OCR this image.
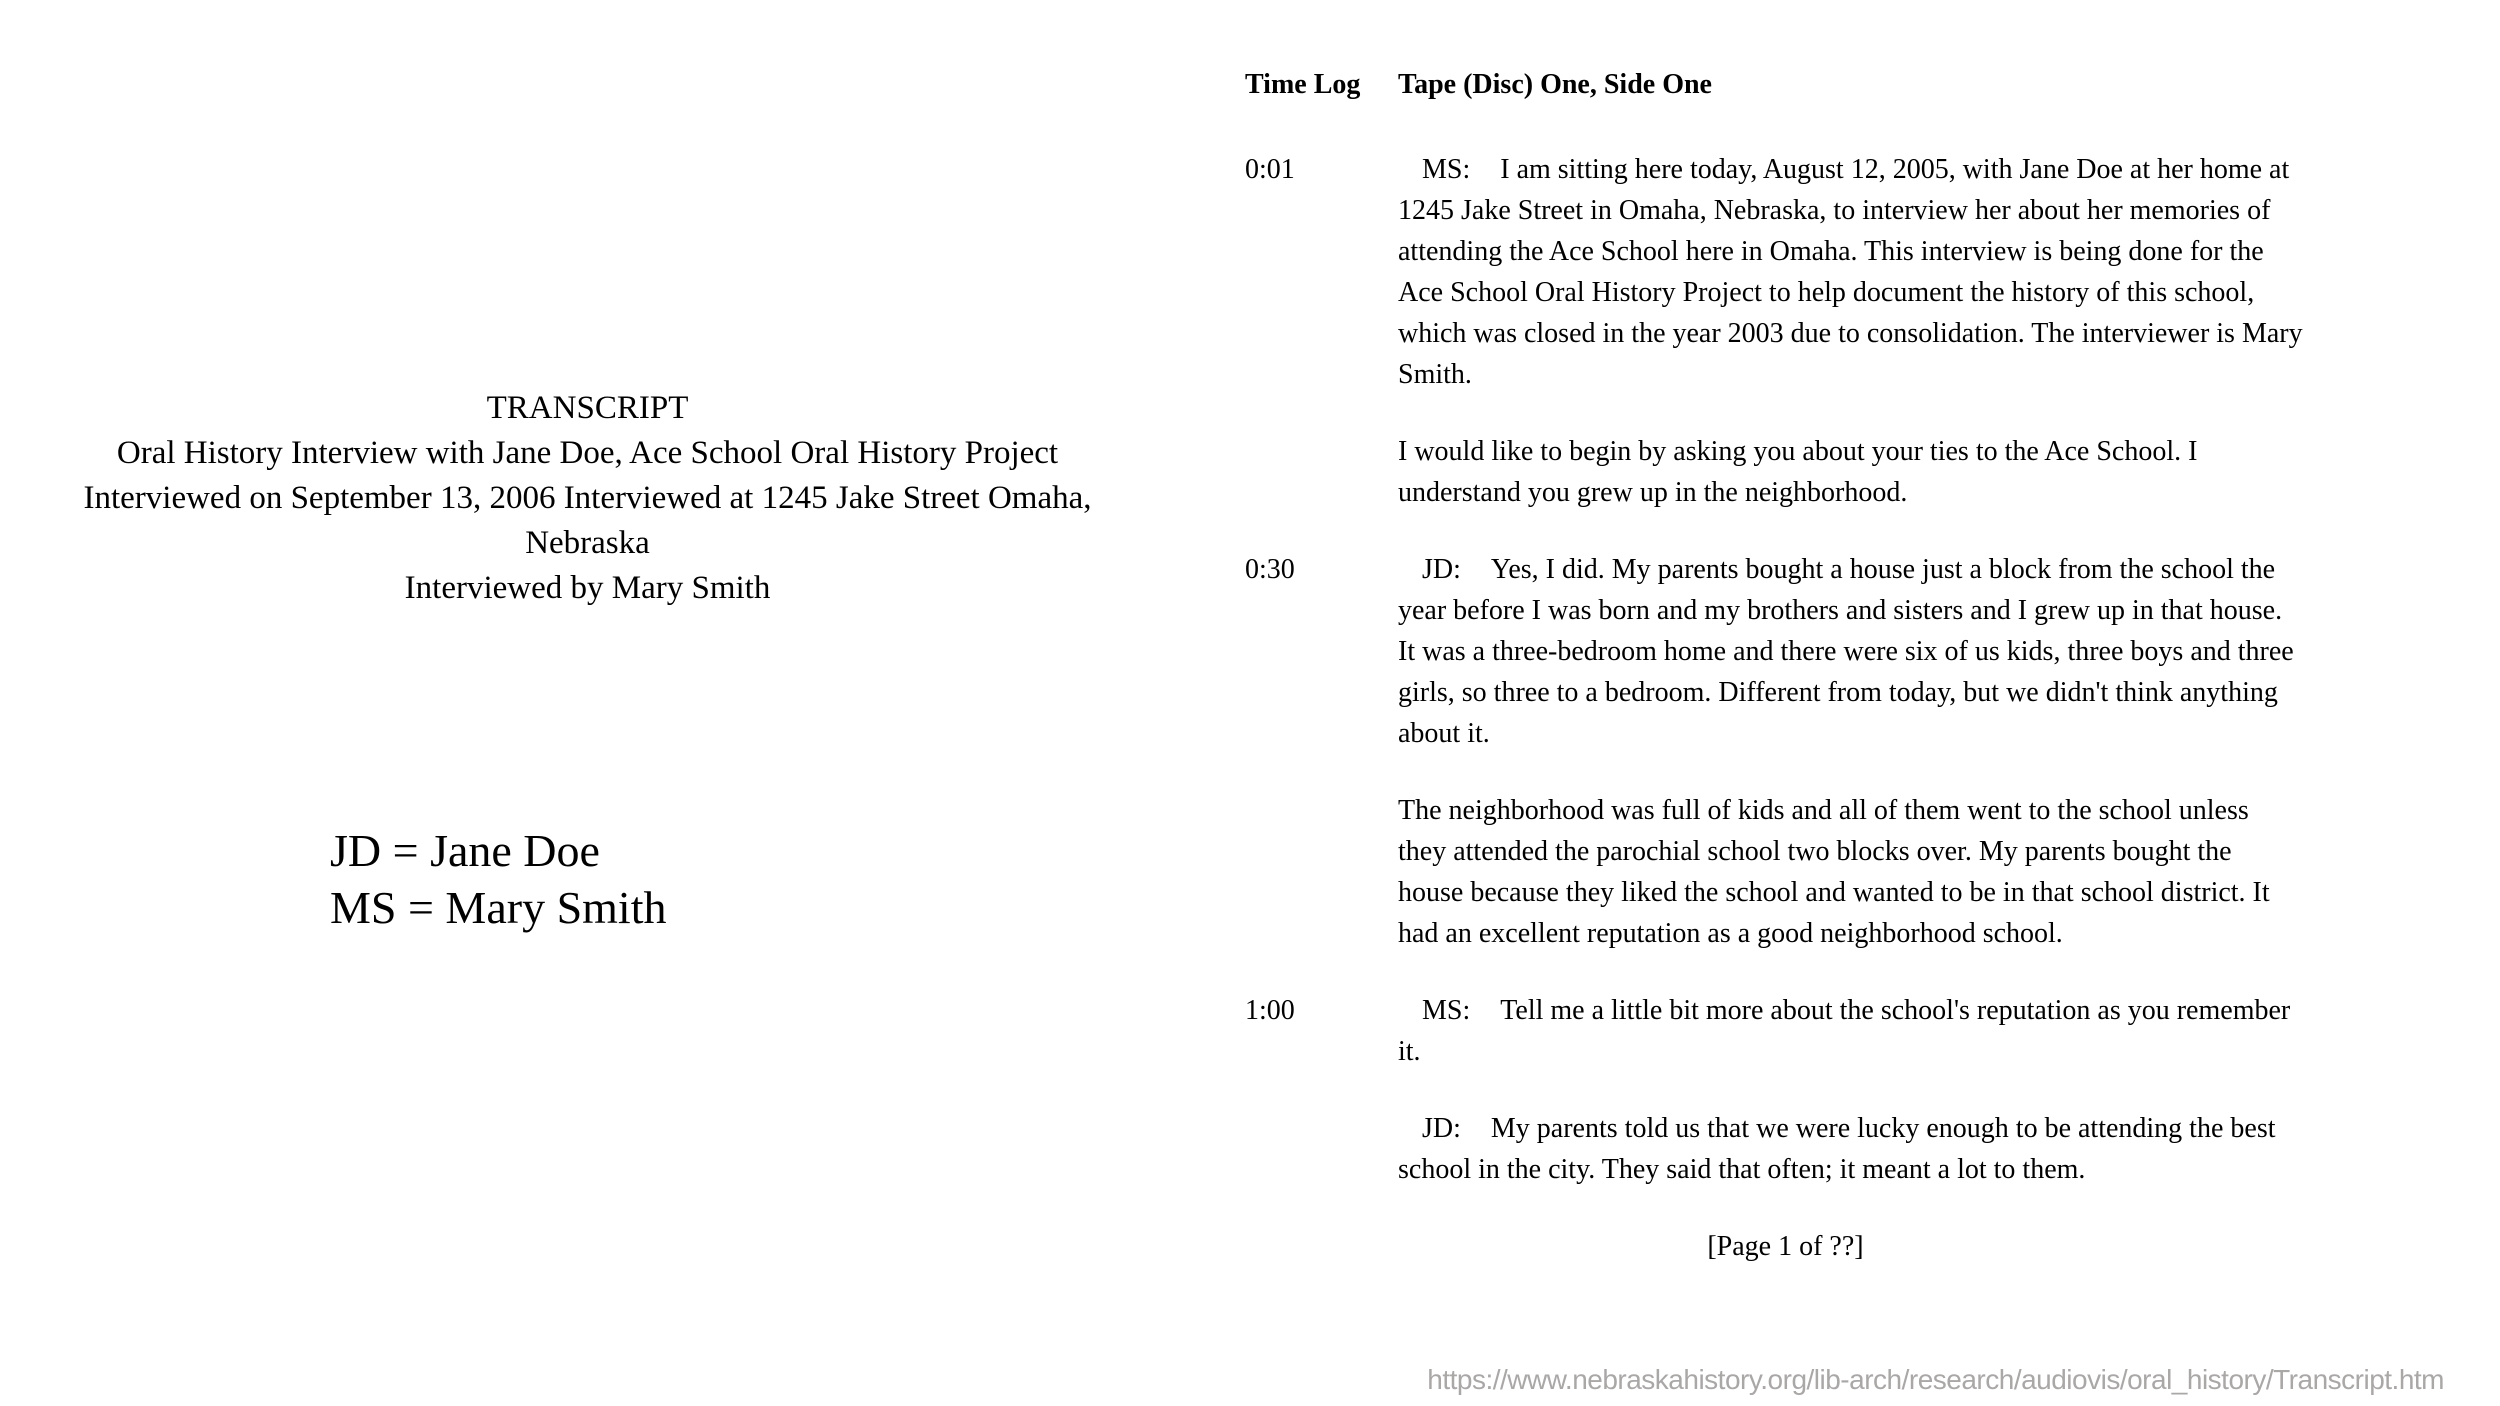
TRANSCRIPT
Oral History Interview with Jane Doe, Ace School Oral History Project
Interviewed on September 13, 2006 Interviewed at 1245 Jake Street Omaha,
Nebraska
Interviewed by Mary Smith
JD = Jane Doe
MS = Mary Smith
Time Log	Tape (Disc) One, Side One
0:01	MS: I am sitting here today, August 12, 2005, with Jane Doe at her home at 1245 Jake Street in Omaha, Nebraska, to interview her about her memories of attending the Ace School here in Omaha. This interview is being done for the Ace School Oral History Project to help document the history of this school, which was closed in the year 2003 due to consolidation. The interviewer is Mary Smith.

I would like to begin by asking you about your ties to the Ace School. I understand you grew up in the neighborhood.

0:30	JD: Yes, I did. My parents bought a house just a block from the school the year before I was born and my brothers and sisters and I grew up in that house. It was a three-bedroom home and there were six of us kids, three boys and three girls, so three to a bedroom. Different from today, but we didn't think anything about it.

The neighborhood was full of kids and all of them went to the school unless they attended the parochial school two blocks over. My parents bought the house because they liked the school and wanted to be in that school district. It had an excellent reputation as a good neighborhood school.

1:00	MS: Tell me a little bit more about the school's reputation as you remember it.

JD: My parents told us that we were lucky enough to be attending the best school in the city. They said that often; it meant a lot to them.

[Page 1 of ??]
https://www.nebraskahistory.org/lib-arch/research/audiovis/oral_history/Transcript.htm
